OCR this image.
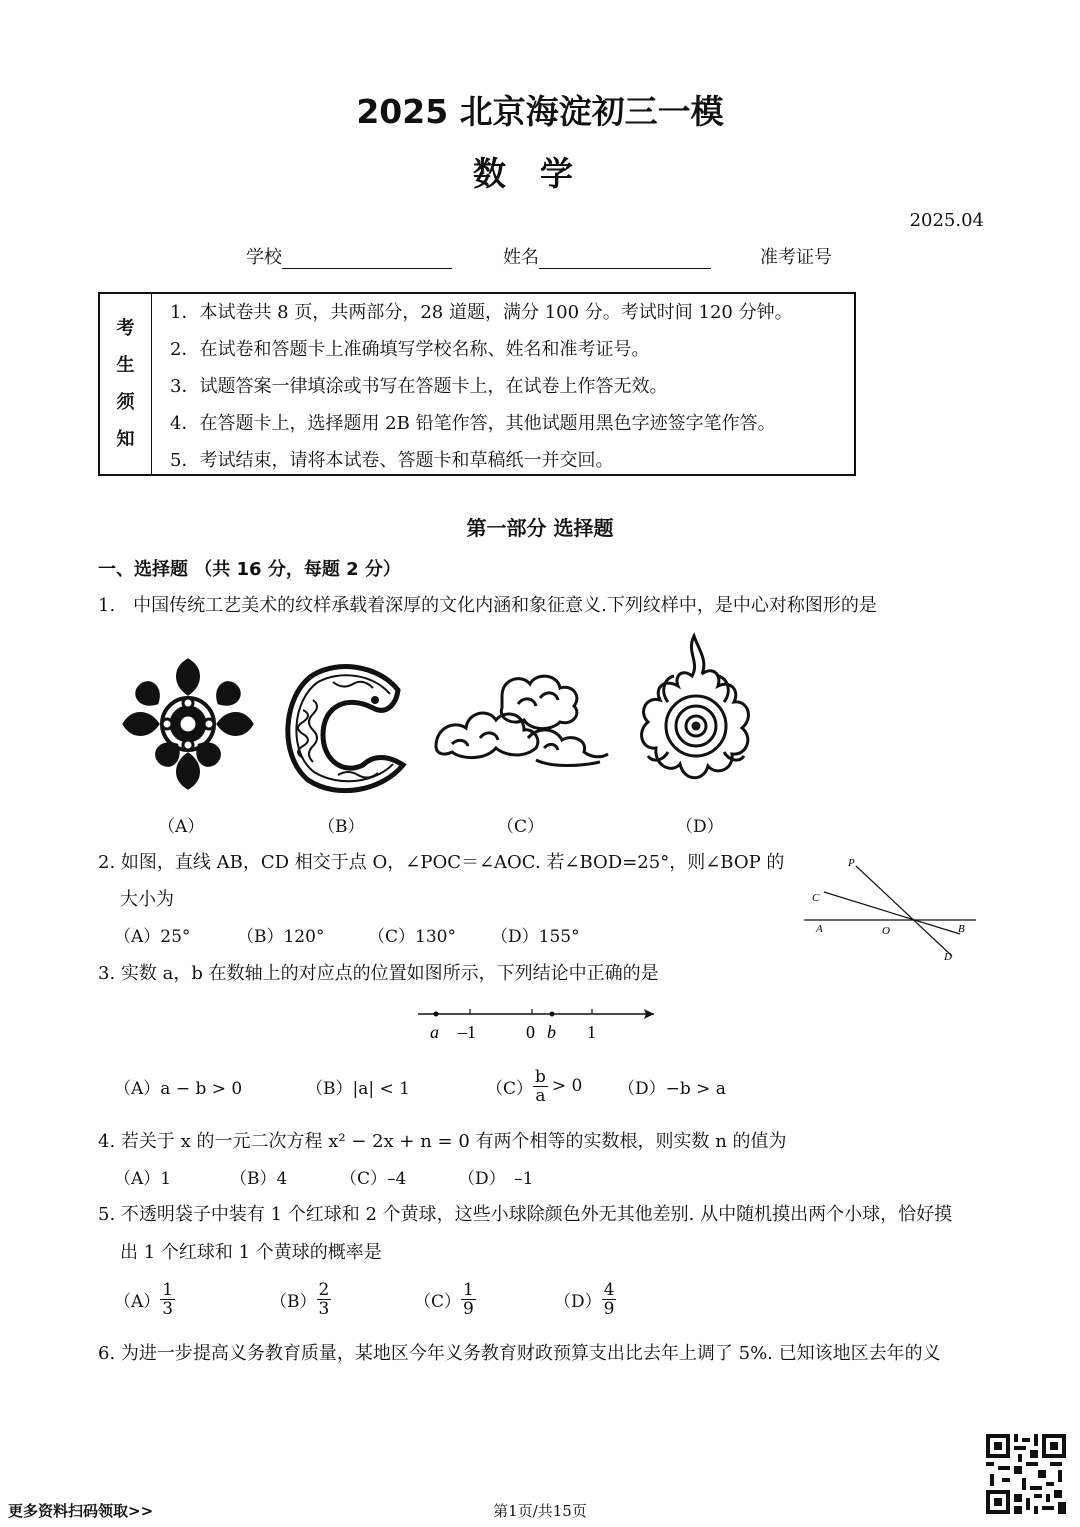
2025 北京海淀初三一模
数学
2025.04
学校	姓名	准考证号
考
生
须
知
1．本试卷共 8 页，共两部分，28 道题，满分 100 分。考试时间 120 分钟。
2．在试卷和答题卡上准确填写学校名称、姓名和准考证号。
3．试题答案一律填涂或书写在答题卡上，在试卷上作答无效。
4．在答题卡上，选择题用 2B 铅笔作答，其他试题用黑色字迹签字笔作答。
5．考试结束，请将本试卷、答题卡和草稿纸一并交回。
第一部分 选择题
一、选择题 （共 16 分，每题 2 分）
1.　中国传统工艺美术的纹样承载着深厚的文化内涵和象征意义.下列纹样中，是中心对称图形的是
（A）	（B）	（C）	（D）
2. 如图，直线 AB，CD 相交于点 O，∠POC＝∠AOC. 若∠BOD=25°，则∠BOP 的
大小为
（A）25°	（B）120°	（C）130° （D）155°
P
C
A	O	B
D
3. 实数 a，b 在数轴上的对应点的位置如图所示，下列结论中正确的是
a –1	0 b 1
（A）a − b > 0	（B）|a| < 1	$(C) \frac{b}{a} > 0$ （D）−b > a
4. 若关于 x 的一元二次方程 x² − 2x + n = 0 有两个相等的实数根，则实数 n 的值为
（A）1	（B）4	（C）–4	（D）　–1
5. 不透明袋子中装有 1 个红球和 2 个黄球，这些小球除颜色外无其他差别. 从中随机摸出两个小球，恰好摸
出 1 个红球和 1 个黄球的概率是
$(A) \frac{1}{3}$	$(B) \frac{2}{3}$	$(C) \frac{1}{9}$	$(D) \frac{4}{9}$
6. 为进一步提高义务教育质量，某地区今年义务教育财政预算支出比去年上调了 5%. 已知该地区去年的义
更多资料扫码领取>>	第1页/共15页
